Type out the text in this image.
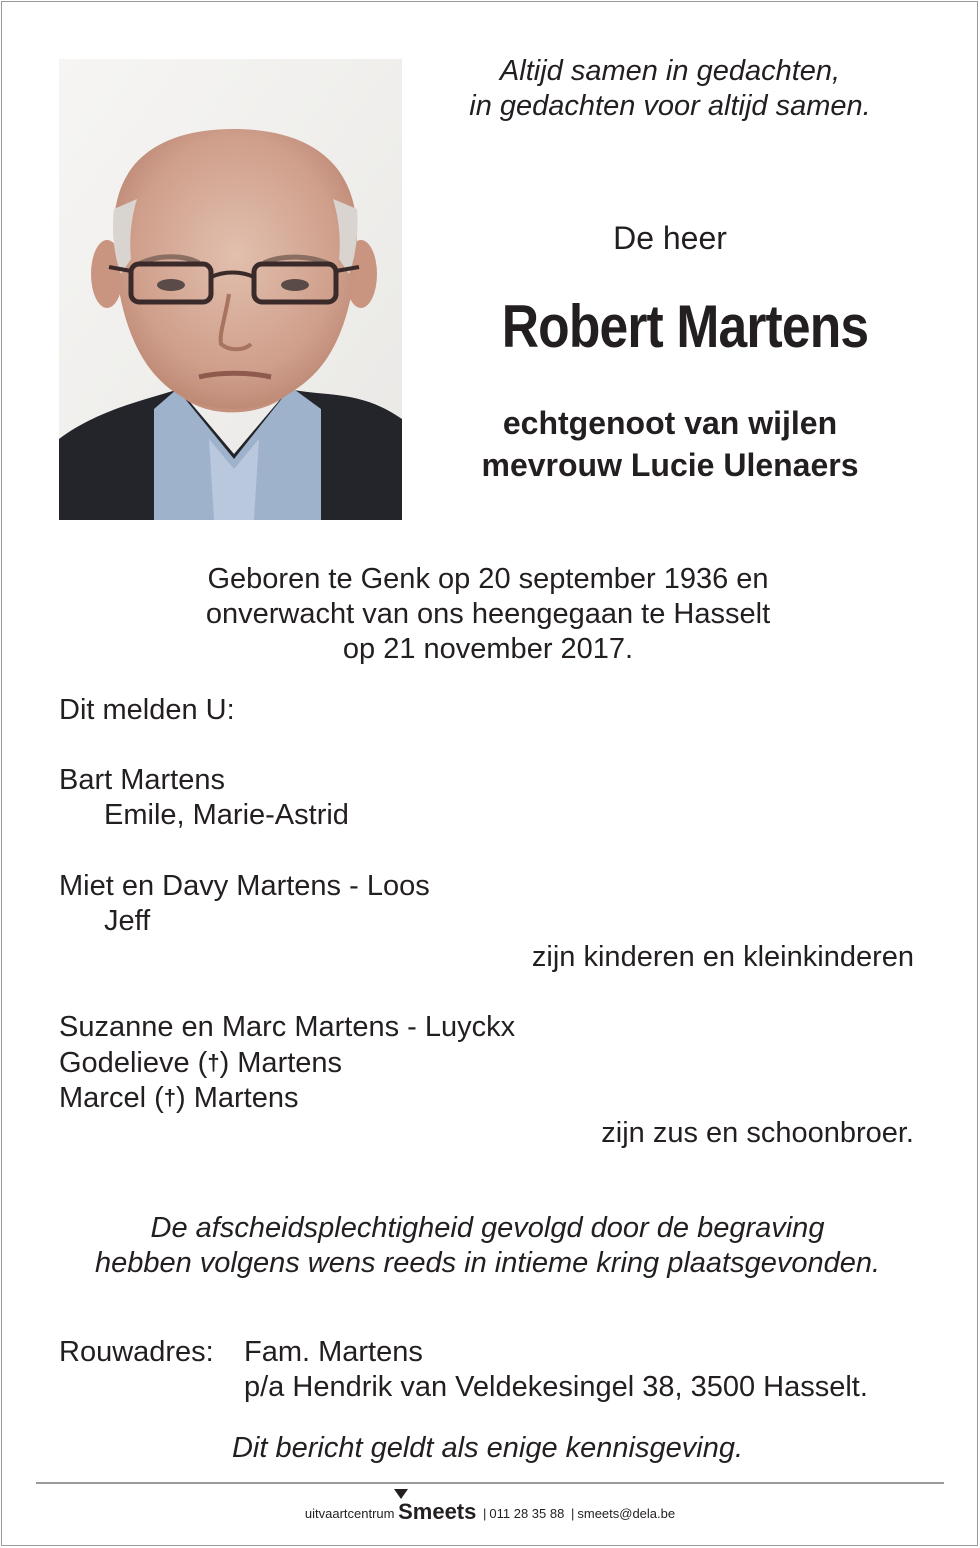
Altijd samen in gedachten,
in gedachten voor altijd samen.
De heer
Robert Martens
echtgenoot van wijlen
mevrouw Lucie Ulenaers
Geboren te Genk op 20 september 1936 en
onverwacht van ons heengegaan te Hasselt
op 21 november 2017.
Dit melden U:
Bart Martens
Emile, Marie-Astrid
Miet en Davy Martens - Loos
Jeff
zijn kinderen en kleinkinderen
Suzanne en Marc Martens - Luyckx
Godelieve (†) Martens
Marcel (†) Martens
zijn zus en schoonbroer.
De afscheidsplechtigheid gevolgd door de begraving
hebben volgens wens reeds in intieme kring plaatsgevonden.
Rouwadres: Fam. Martens
p/a Hendrik van Veldekesingel 38, 3500 Hasselt.
Dit bericht geldt als enige kennisgeving.
uitvaartcentrum Smeets | 011 28 35 88 | smeets@dela.be
